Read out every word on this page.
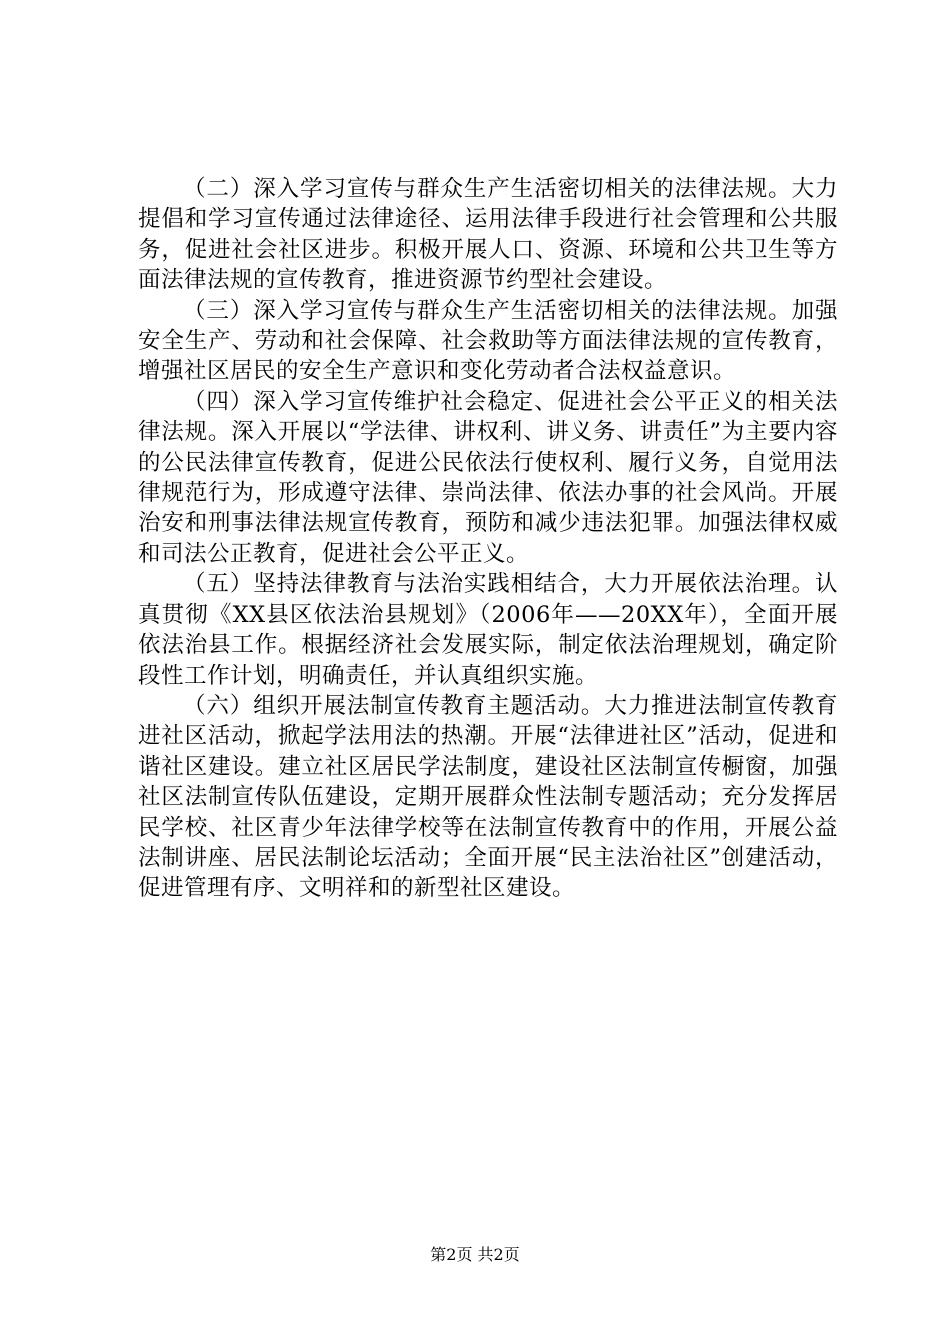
（二）深入学习宣传与群众生产生活密切相关的法律法规。大力提倡和学习宣传通过法律途径、运用法律手段进行社会管理和公共服务，促进社会社区进步。积极开展人口、资源、环境和公共卫生等方面法律法规的宣传教育，推进资源节约型社会建设。

（三）深入学习宣传与群众生产生活密切相关的法律法规。加强安全生产、劳动和社会保障、社会救助等方面法律法规的宣传教育，增强社区居民的安全生产意识和变化劳动者合法权益意识。

（四）深入学习宣传维护社会稳定、促进社会公平正义的相关法律法规。深入开展以“学法律、讲权利、讲义务、讲责任”为主要内容的公民法律宣传教育，促进公民依法行使权利、履行义务，自觉用法律规范行为，形成遵守法律、崇尚法律、依法办事的社会风尚。开展治安和刑事法律法规宣传教育，预防和减少违法犯罪。加强法律权威和司法公正教育，促进社会公平正义。

（五）坚持法律教育与法治实践相结合，大力开展依法治理。认真贯彻《XX县区依法治县规划》（2006年——20XX年），全面开展依法治县工作。根据经济社会发展实际，制定依法治理规划，确定阶段性工作计划，明确责任，并认真组织实施。

（六）组织开展法制宣传教育主题活动。大力推进法制宣传教育进社区活动，掀起学法用法的热潮。开展“法律进社区”活动，促进和谐社区建设。建立社区居民学法制度，建设社区法制宣传橱窗，加强社区法制宣传队伍建设，定期开展群众性法制专题活动；充分发挥居民学校、社区青少年法律学校等在法制宣传教育中的作用，开展公益法制讲座、居民法制论坛活动；全面开展“民主法治社区”创建活动，促进管理有序、文明祥和的新型社区建设。

第2页 共2页
